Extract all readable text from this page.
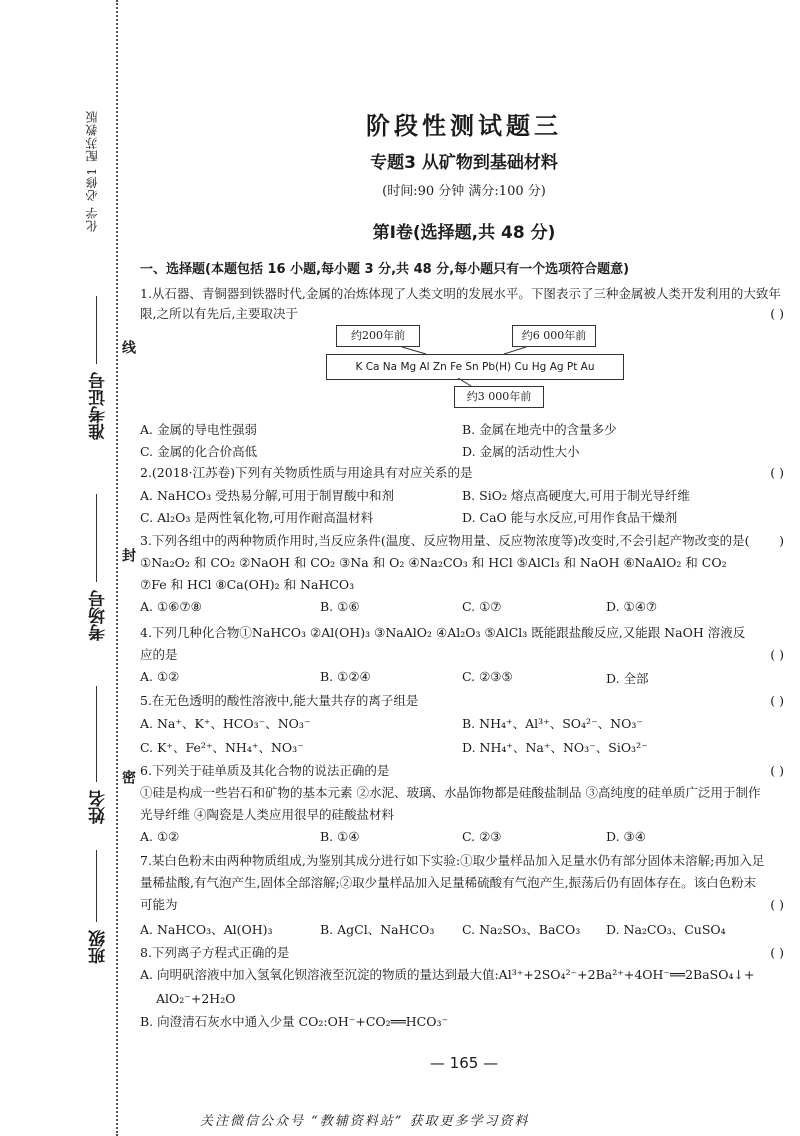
化学 必修1 配苏教版
准考证号
考场号
姓名
班级
线
封
密
阶段性测试题三
专题3 从矿物到基础材料
(时间:90 分钟 满分:100 分)
第Ⅰ卷(选择题,共 48 分)
一、选择题(本题包括 16 小题,每小题 3 分,共 48 分,每小题只有一个选项符合题意)
1.从石器、青铜器到铁器时代,金属的冶炼体现了人类文明的发展水平。下图表示了三种金属被人类开发利用的大致年
限,之所以有先后,主要取决于	( )
约200年前	约6 000年前
K Ca Na Mg Al Zn Fe Sn Pb(H) Cu Hg Ag Pt Au
约3 000年前
A. 金属的导电性强弱	B. 金属在地壳中的含量多少
C. 金属的化合价高低	D. 金属的活动性大小
2.(2018·江苏卷)下列有关物质性质与用途具有对应关系的是	( )
A. NaHCO₃ 受热易分解,可用于制胃酸中和剂	B. SiO₂ 熔点高硬度大,可用于制光导纤维
C. Al₂O₃ 是两性氧化物,可用作耐高温材料	D. CaO 能与水反应,可用作食品干燥剂
3.下列各组中的两种物质作用时,当反应条件(温度、反应物用量、反应物浓度等)改变时,不会引起产物改变的是( )
①Na₂O₂ 和 CO₂ ②NaOH 和 CO₂ ③Na 和 O₂ ④Na₂CO₃ 和 HCl ⑤AlCl₃ 和 NaOH ⑥NaAlO₂ 和 CO₂
⑦Fe 和 HCl ⑧Ca(OH)₂ 和 NaHCO₃
A. ①⑥⑦⑧	B. ①⑥	C. ①⑦	D. ①④⑦
4.下列几种化合物①NaHCO₃ ②Al(OH)₃ ③NaAlO₂ ④Al₂O₃ ⑤AlCl₃ 既能跟盐酸反应,又能跟 NaOH 溶液反
应的是	( )
A. ①②	B. ①②④	C. ②③⑤	D. 全部
5.在无色透明的酸性溶液中,能大量共存的离子组是	( )
A. Na⁺、K⁺、HCO₃⁻、NO₃⁻	B. NH₄⁺、Al³⁺、SO₄²⁻、NO₃⁻
C. K⁺、Fe²⁺、NH₄⁺、NO₃⁻	D. NH₄⁺、Na⁺、NO₃⁻、SiO₃²⁻
6.下列关于硅单质及其化合物的说法正确的是	( )
①硅是构成一些岩石和矿物的基本元素 ②水泥、玻璃、水晶饰物都是硅酸盐制品 ③高纯度的硅单质广泛用于制作
光导纤维 ④陶瓷是人类应用很早的硅酸盐材料
A. ①②	B. ①④	C. ②③	D. ③④
7.某白色粉末由两种物质组成,为鉴别其成分进行如下实验:①取少量样品加入足量水仍有部分固体未溶解;再加入足
量稀盐酸,有气泡产生,固体全部溶解;②取少量样品加入足量稀硫酸有气泡产生,振荡后仍有固体存在。该白色粉末
可能为	( )
A. NaHCO₃、Al(OH)₃	B. AgCl、NaHCO₃ C. Na₂SO₃、BaCO₃ D. Na₂CO₃、CuSO₄
8.下列离子方程式正确的是	( )
A. 向明矾溶液中加入氢氧化钡溶液至沉淀的物质的量达到最大值:Al³⁺+2SO₄²⁻+2Ba²⁺+4OH⁻══2BaSO₄↓+
AlO₂⁻+2H₂O
B. 向澄清石灰水中通入少量 CO₂:OH⁻+CO₂══HCO₃⁻
— 165 —
关注微信公众号 “教辅资料站” 获取更多学习资料
